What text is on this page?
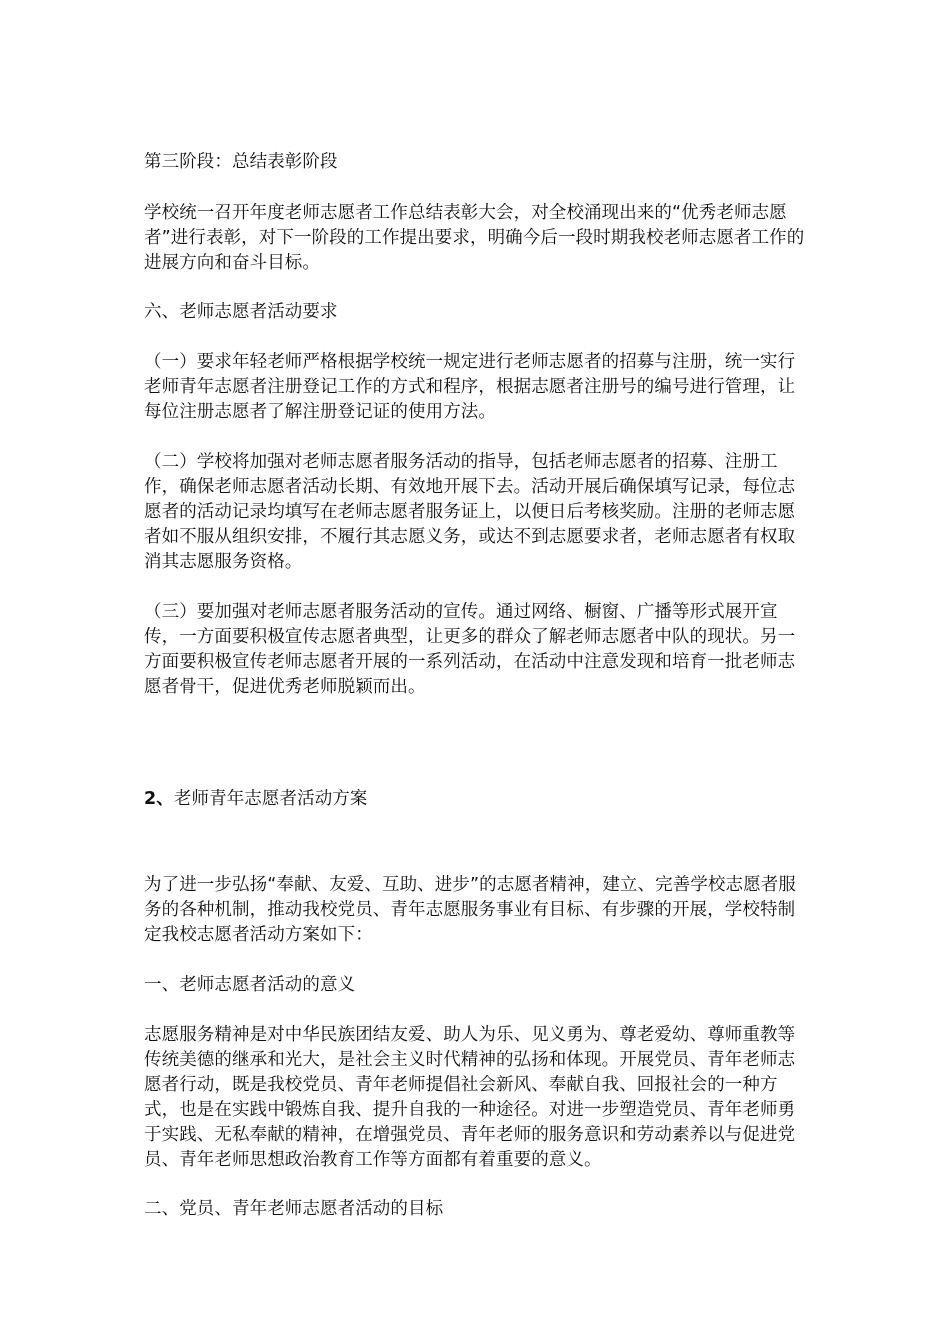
第三阶段：总结表彰阶段

学校统一召开年度老师志愿者工作总结表彰大会，对全校涌现出来的“优秀老师志愿者”进行表彰，对下一阶段的工作提出要求，明确今后一段时期我校老师志愿者工作的进展方向和奋斗目标。

六、老师志愿者活动要求

（一）要求年轻老师严格根据学校统一规定进行老师志愿者的招募与注册，统一实行老师青年志愿者注册登记工作的方式和程序，根据志愿者注册号的编号进行管理，让每位注册志愿者了解注册登记证的使用方法。

（二）学校将加强对老师志愿者服务活动的指导，包括老师志愿者的招募、注册工作，确保老师志愿者活动长期、有效地开展下去。活动开展后确保填写记录，每位志愿者的活动记录均填写在老师志愿者服务证上，以便日后考核奖励。注册的老师志愿者如不服从组织安排，不履行其志愿义务，或达不到志愿要求者，老师志愿者有权取消其志愿服务资格。

（三）要加强对老师志愿者服务活动的宣传。通过网络、橱窗、广播等形式展开宣传，一方面要积极宣传志愿者典型，让更多的群众了解老师志愿者中队的现状。另一方面要积极宣传老师志愿者开展的一系列活动，在活动中注意发现和培育一批老师志愿者骨干，促进优秀老师脱颖而出。

2、老师青年志愿者活动方案

为了进一步弘扬“奉献、友爱、互助、进步”的志愿者精神，建立、完善学校志愿者服务的各种机制，推动我校党员、青年志愿服务事业有目标、有步骤的开展，学校特制定我校志愿者活动方案如下：

一、老师志愿者活动的意义

志愿服务精神是对中华民族团结友爱、助人为乐、见义勇为、尊老爱幼、尊师重教等传统美德的继承和光大，是社会主义时代精神的弘扬和体现。开展党员、青年老师志愿者行动，既是我校党员、青年老师提倡社会新风、奉献自我、回报社会的一种方式，也是在实践中锻炼自我、提升自我的一种途径。对进一步塑造党员、青年老师勇于实践、无私奉献的精神，在增强党员、青年老师的服务意识和劳动素养以与促进党员、青年老师思想政治教育工作等方面都有着重要的意义。

二、党员、青年老师志愿者活动的目标
